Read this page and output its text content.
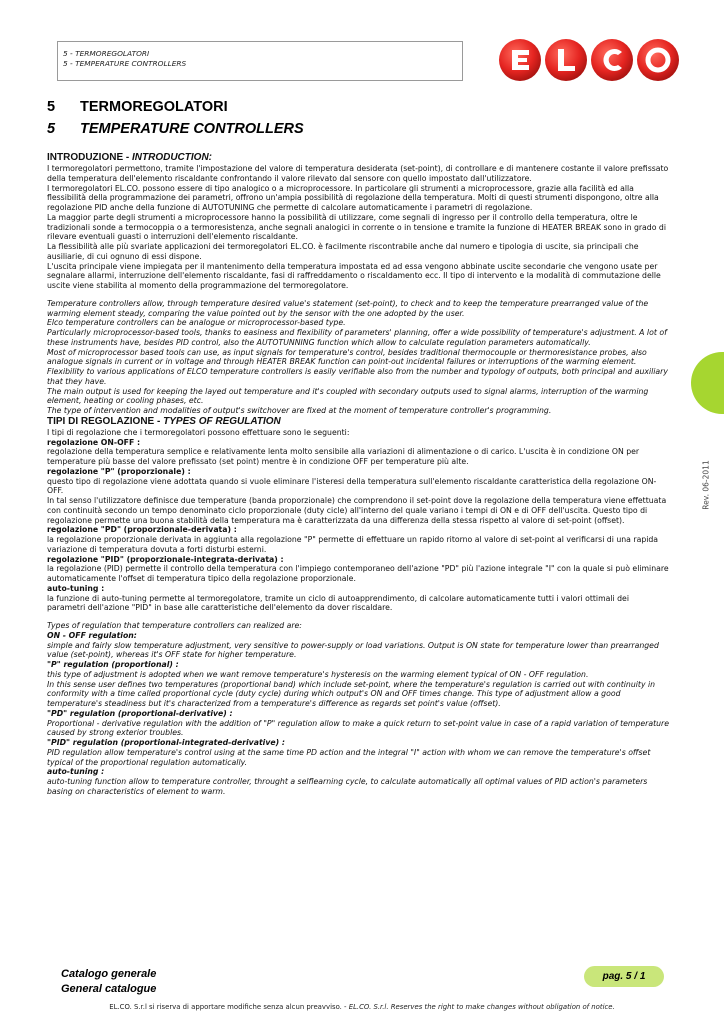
5 - TERMOREGOLATORI
5 - TEMPERATURE CONTROLLERS
5 TERMOREGOLATORI
5 TEMPERATURE CONTROLLERS

INTRODUZIONE - INTRODUCTION:

I termoregolatori permettono, tramite l'impostazione del valore di temperatura desiderata (set-point), di controllare e di mantenere costante il valore prefissato della temperatura dell'elemento riscaldante confrontando il valore rilevato dal sensore con quello impostato dall'utilizzatore.

I termoregolatori EL.CO. possono essere di tipo analogico o a microprocessore. In particolare gli strumenti a microprocessore, grazie alla facilità ed alla flessibilità della programmazione dei parametri, offrono un'ampia possibilità di regolazione della temperatura. Molti di questi strumenti dispongono, oltre alla regolazione PID anche della funzione di AUTOTUNING che permette di calcolare automaticamente i parametri di regolazione.

La maggior parte degli strumenti a microprocessore hanno la possibilità di utilizzare, come segnali di ingresso per il controllo della temperatura, oltre le tradizionali sonde a termocoppia o a termoresistenza, anche segnali analogici in corrente o in tensione e tramite la funzione di HEATER BREAK sono in grado di rilevare eventuali guasti o interruzioni dell'elemento riscaldante.

La flessibilità alle più svariate applicazioni dei termoregolatori EL.CO. è facilmente riscontrabile anche dal numero e tipologia di uscite, sia principali che ausiliarie, di cui ognuno di essi dispone.

L'uscita principale viene impiegata per il mantenimento della temperatura impostata ed ad essa vengono abbinate uscite secondarie che vengono usate per segnalare allarmi, interruzione dell'elemento riscaldante, fasi di raffreddamento o riscaldamento ecc. Il tipo di intervento e la modalità di commutazione delle uscite viene stabilita al momento della programmazione del termoregolatore.

Temperature controllers allow, through temperature desired value's statement (set-point), to check and to keep the temperature prearranged value of the warming element steady, comparing the value pointed out by the sensor with the one adopted by the user.

Elco temperature controllers can be analogue or microprocessor-based type.

Particularly microprocessor-based tools, thanks to easiness and flexibility of parameters' planning, offer a wide possibility of temperature's adjustment. A lot of these instruments have, besides PID control, also the AUTOTUNNING function which allow to calculate regulation parameters automatically.

Most of microprocessor based tools can use, as input signals for temperature's control, besides traditional thermocouple or thermoresistance probes, also analogue signals in current or in voltage and through HEATER BREAK function can point-out incidental failures or interruptions of the warming element.

Flexibility to various applications of ELCO temperature controllers is easily verifiable also from the number and typology of outputs, both principal and auxiliary that they have.

The main output is used for keeping the layed out temperature and it's coupled with secondary outputs used to signal alarms, interruption of the warming element, heating or cooling phases, etc.

The type of intervention and modalities of output's switchover are fixed at the moment of temperature controller's programming.

TIPI DI REGOLAZIONE - TYPES OF REGULATION

I tipi di regolazione che i termoregolatori possono effettuare sono le seguenti:

regolazione ON-OFF :

regolazione della temperatura semplice e relativamente lenta molto sensibile alla variazioni di alimentazione o di carico. L'uscita è in condizione ON per temperature più basse del valore prefissato (set point) mentre è in condizione OFF per temperature più alte.

regolazione "P" (proporzionale) :

questo tipo di regolazione viene adottata quando si vuole eliminare l'isteresi della temperatura sull'elemento riscaldante caratteristica della regolazione ON-OFF.

In tal senso l'utilizzatore definisce due temperature (banda proporzionale) che comprendono il set-point dove la regolazione della temperatura viene effettuata con continuità secondo un tempo denominato ciclo proporzionale (duty cicle) all'interno del quale variano i tempi di ON e di OFF dell'uscita. Questo tipo di regolazione permette una buona stabilità della temperatura ma è caratterizzata da una differenza della stessa rispetto al valore di set-point (offset).

regolazione "PD" (proporzionale-derivata) :

la regolazione proporzionale derivata in aggiunta alla regolazione "P" permette di effettuare un rapido ritorno al valore di set-point al verificarsi di una rapida variazione di temperatura dovuta a forti disturbi esterni.

regolazione "PID" (proporzionale-integrata-derivata) :

la regolazione (PID) permette il controllo della temperatura con l'impiego contemporaneo dell'azione "PD" più l'azione integrale "I" con la quale si può eliminare automaticamente l'offset di temperatura tipico della regolazione proporzionale.

auto-tuning :

la funzione di auto-tuning permette al termoregolatore, tramite un ciclo di autoapprendimento, di calcolare automaticamente tutti i valori ottimali dei parametri dell'azione "PID" in base alle caratteristiche dell'elemento da dover riscaldare.

Types of regulation that temperature controllers can realized are:

ON - OFF regulation:

simple and fairly slow temperature adjustment, very sensitive to power-supply or load variations. Output is ON state for temperature lower than prearranged value (set-point), whereas it's OFF state for higher temperature.

"P" regulation (proportional) :

this type of adjustment is adopted when we want remove temperature's hysteresis on the warming element typical of ON - OFF regulation.

In this sense user defines two temperatures (proportional band) which include set-point, where the temperature's regulation is carried out with continuity in conformity with a time called proportional cycle (duty cycle) during which output's ON and OFF times change. This type of adjustment allow a good temperature's steadiness but it's characterized from a temperature's difference as regards set point's value (offset).

"PD" regulation (proportional-derivative) :

Proportional - derivative regulation with the addition of "P" regulation allow to make a quick return to set-point value in case of a rapid variation of temperature caused by strong exterior troubles.

"PID" regulation (proportional-integrated-derivative) :

PID regulation allow temperature's control using at the same time PD action and the integral "I" action with whom we can remove the temperature's offset typical of the proportional regulation automatically.

auto-tuning :

auto-tuning function allow to temperature controller, throught a selflearning cycle, to calculate automatically all optimal values of PID action's parameters basing on characteristics of element to warm.

Rev. 06-2011
Catalogo generale
General catalogue
pag. 5 / 1
EL.CO. S.r.l si riserva di apportare modifiche senza alcun preavviso. - EL.CO. S.r.l. Reserves the right to make changes without obligation of notice.
